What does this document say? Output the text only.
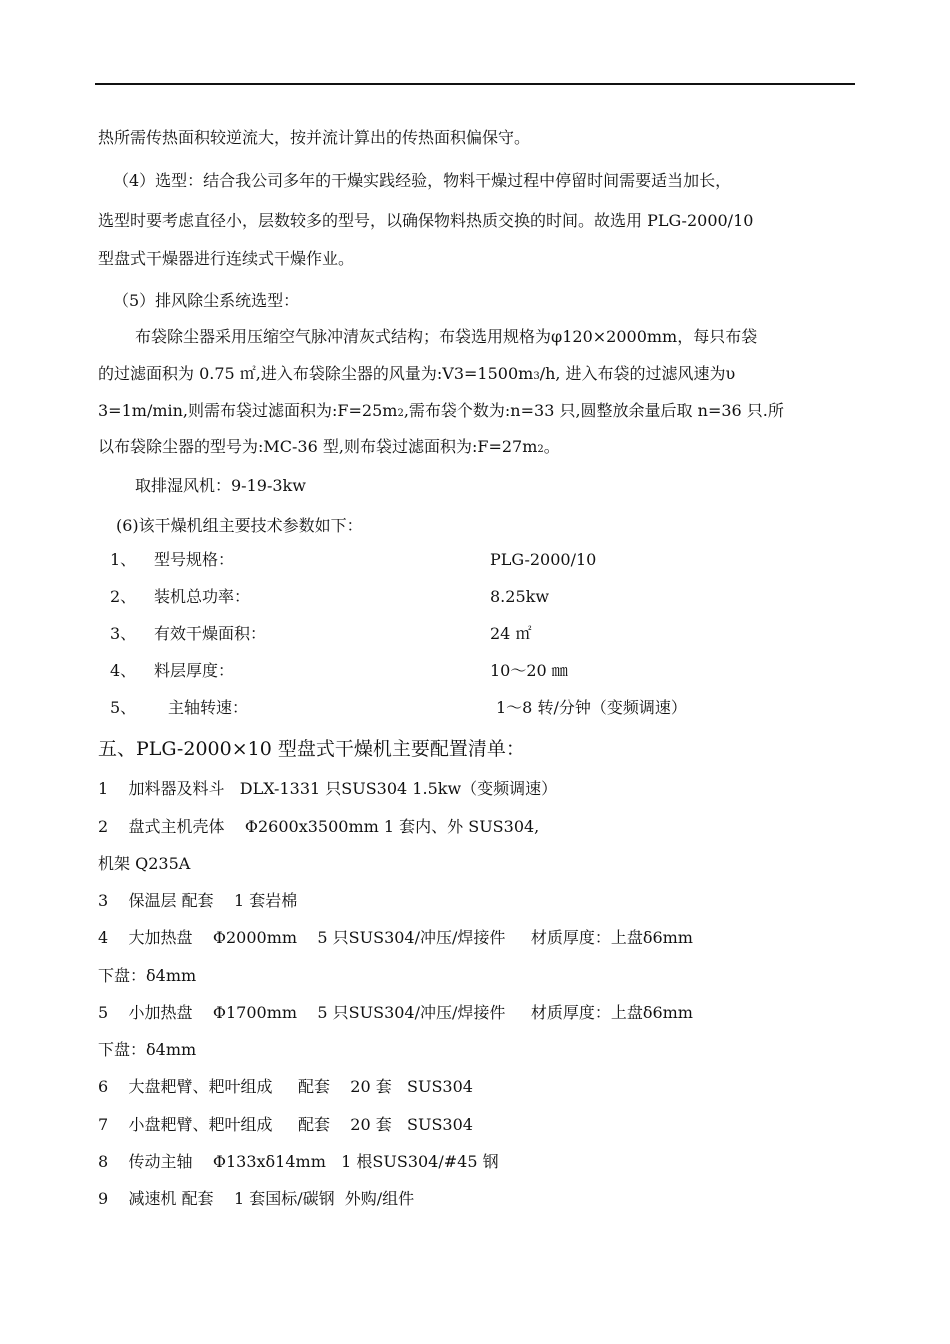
热所需传热面积较逆流大，按并流计算出的传热面积偏保守。
（4）选型：结合我公司多年的干燥实践经验，物料干燥过程中停留时间需要适当加长，
选型时要考虑直径小，层数较多的型号，以确保物料热质交换的时间。故选用 PLG-2000/10
型盘式干燥器进行连续式干燥作业。
（5）排风除尘系统选型：
布袋除尘器采用压缩空气脉冲清灰式结构；布袋选用规格为φ120×2000mm，每只布袋
的过滤面积为 0.75 ㎡,进入布袋除尘器的风量为:V3=1500m3/h, 进入布袋的过滤风速为υ
3=1m/min,则需布袋过滤面积为:F=25m2,需布袋个数为:n=33 只,圆整放余量后取 n=36 只.所
以布袋除尘器的型号为:MC-36 型,则布袋过滤面积为:F=27m2。
取排湿风机：9-19-3kw
(6)该干燥机组主要技术参数如下：
1、 型号规格：	PLG-2000/10
2、 装机总功率：	8.25kw
3、 有效干燥面积：	24 ㎡
4、 料层厚度：	10～20 ㎜
5、 主轴转速：	1～8 转/分钟（变频调速）
五、PLG-2000×10 型盘式干燥机主要配置清单：
1    加料器及料斗   DLX-1331 只SUS304 1.5kw（变频调速）
2    盘式主机壳体    Φ2600x3500mm 1 套内、外 SUS304,
机架 Q235A
3    保温层 配套    1 套岩棉
4    大加热盘    Φ2000mm    5 只SUS304/冲压/焊接件     材质厚度：上盘δ6mm
下盘：δ4mm
5    小加热盘    Φ1700mm    5 只SUS304/冲压/焊接件     材质厚度：上盘δ6mm
下盘：δ4mm
6    大盘耙臂、耙叶组成     配套    20 套   SUS304
7    小盘耙臂、耙叶组成     配套    20 套   SUS304
8    传动主轴    Φ133xδ14mm   1 根SUS304/#45 钢
9    减速机 配套    1 套国标/碳钢  外购/组件
